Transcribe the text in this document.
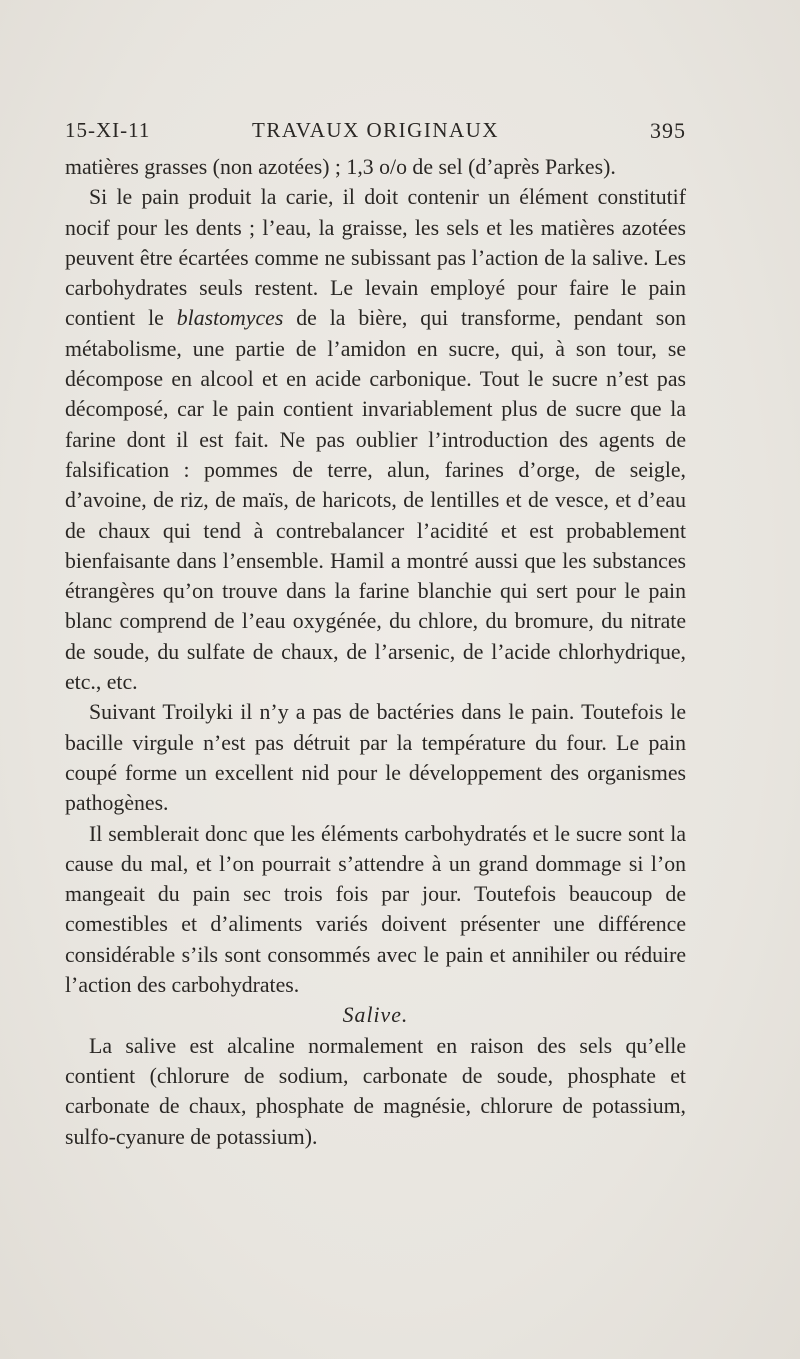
15-XI-11	TRAVAUX ORIGINAUX	395

matières grasses (non azotées) ; 1,3 o/o de sel (d’après Parkes).

Si le pain produit la carie, il doit contenir un élément constitutif nocif pour les dents ; l’eau, la graisse, les sels et les matières azotées peuvent être écartées comme ne subissant pas l’action de la salive. Les carbohydrates seuls restent. Le levain employé pour faire le pain contient le blastomyces de la bière, qui transforme, pendant son métabolisme, une partie de l’amidon en sucre, qui, à son tour, se décompose en alcool et en acide carbonique. Tout le sucre n’est pas décomposé, car le pain contient invariablement plus de sucre que la farine dont il est fait. Ne pas oublier l’introduction des agents de falsification : pommes de terre, alun, farines d’orge, de seigle, d’avoine, de riz, de maïs, de haricots, de lentilles et de vesce, et d’eau de chaux qui tend à contrebalancer l’acidité et est probablement bienfaisante dans l’ensemble. Hamil a montré aussi que les substances étrangères qu’on trouve dans la farine blanchie qui sert pour le pain blanc comprend de l’eau oxygénée, du chlore, du bromure, du nitrate de soude, du sulfate de chaux, de l’arsenic, de l’acide chlorhydrique, etc., etc.

Suivant Troilyki il n’y a pas de bactéries dans le pain. Toutefois le bacille virgule n’est pas détruit par la température du four. Le pain coupé forme un excellent nid pour le développement des organismes pathogènes.

Il semblerait donc que les éléments carbohydratés et le sucre sont la cause du mal, et l’on pourrait s’attendre à un grand dommage si l’on mangeait du pain sec trois fois par jour. Toutefois beaucoup de comestibles et d’aliments variés doivent présenter une différence considérable s’ils sont consommés avec le pain et annihiler ou réduire l’action des carbohydrates.

Salive.

La salive est alcaline normalement en raison des sels qu’elle contient (chlorure de sodium, carbonate de soude, phosphate et carbonate de chaux, phosphate de magnésie, chlorure de potassium, sulfo-cyanure de potassium).
